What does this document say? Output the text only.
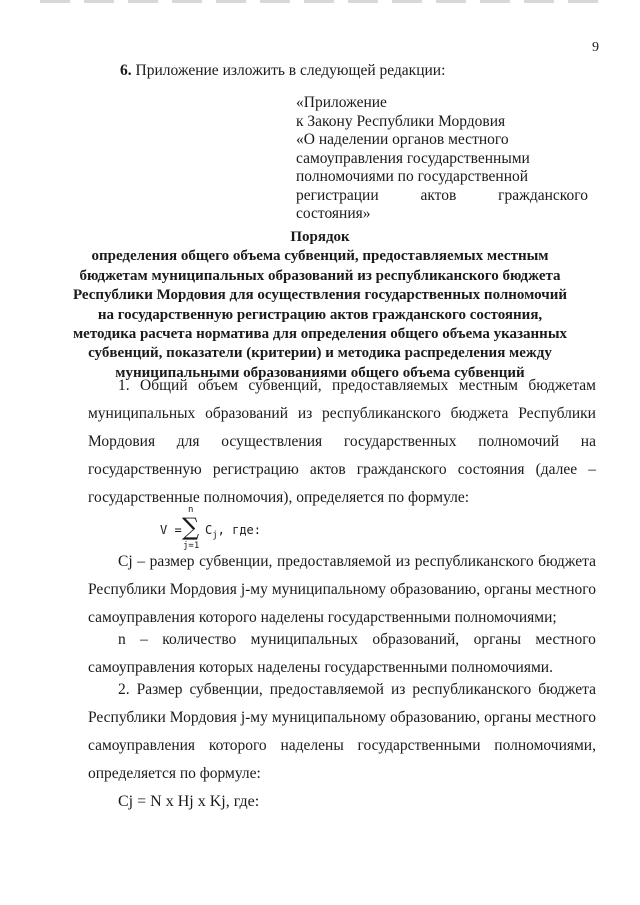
9
6. Приложение изложить в следующей редакции:
«Приложение
к Закону Республики Мордовия
«О наделении органов местного
самоуправления государственными
полномочиями по государственной
регистрации	актов	гражданского
состояния»
Порядок
определения общего объема субвенций, предоставляемых местным
бюджетам муниципальных образований из республиканского бюджета
Республики Мордовия для осуществления государственных полномочий
на государственную регистрацию актов гражданского состояния,
методика расчета норматива для определения общего объема указанных
субвенций, показатели (критерии) и методика распределения между
муниципальными образованиями общего объема субвенций
1. Общий объем субвенций, предоставляемых местным бюджетам
муниципальных образований из республиканского бюджета Республики
Мордовия для осуществления государственных полномочий на
государственную регистрацию актов гражданского состояния (далее –
государственные полномочия), определяется по формуле:
V = ∑
n
j=1
$C_j$, где:
Cj – размер субвенции, предоставляемой из республиканского бюджета
Республики Мордовия j-му муниципальному образованию, органы местного
самоуправления которого наделены государственными полномочиями;
n – количество муниципальных образований, органы местного
самоуправления которых наделены государственными полномочиями.
2. Размер субвенции, предоставляемой из республиканского бюджета
Республики Мордовия j-му муниципальному образованию, органы местного
самоуправления которого наделены государственными полномочиями,
определяется по формуле:
Cj = N x Hj x Kj, где:
